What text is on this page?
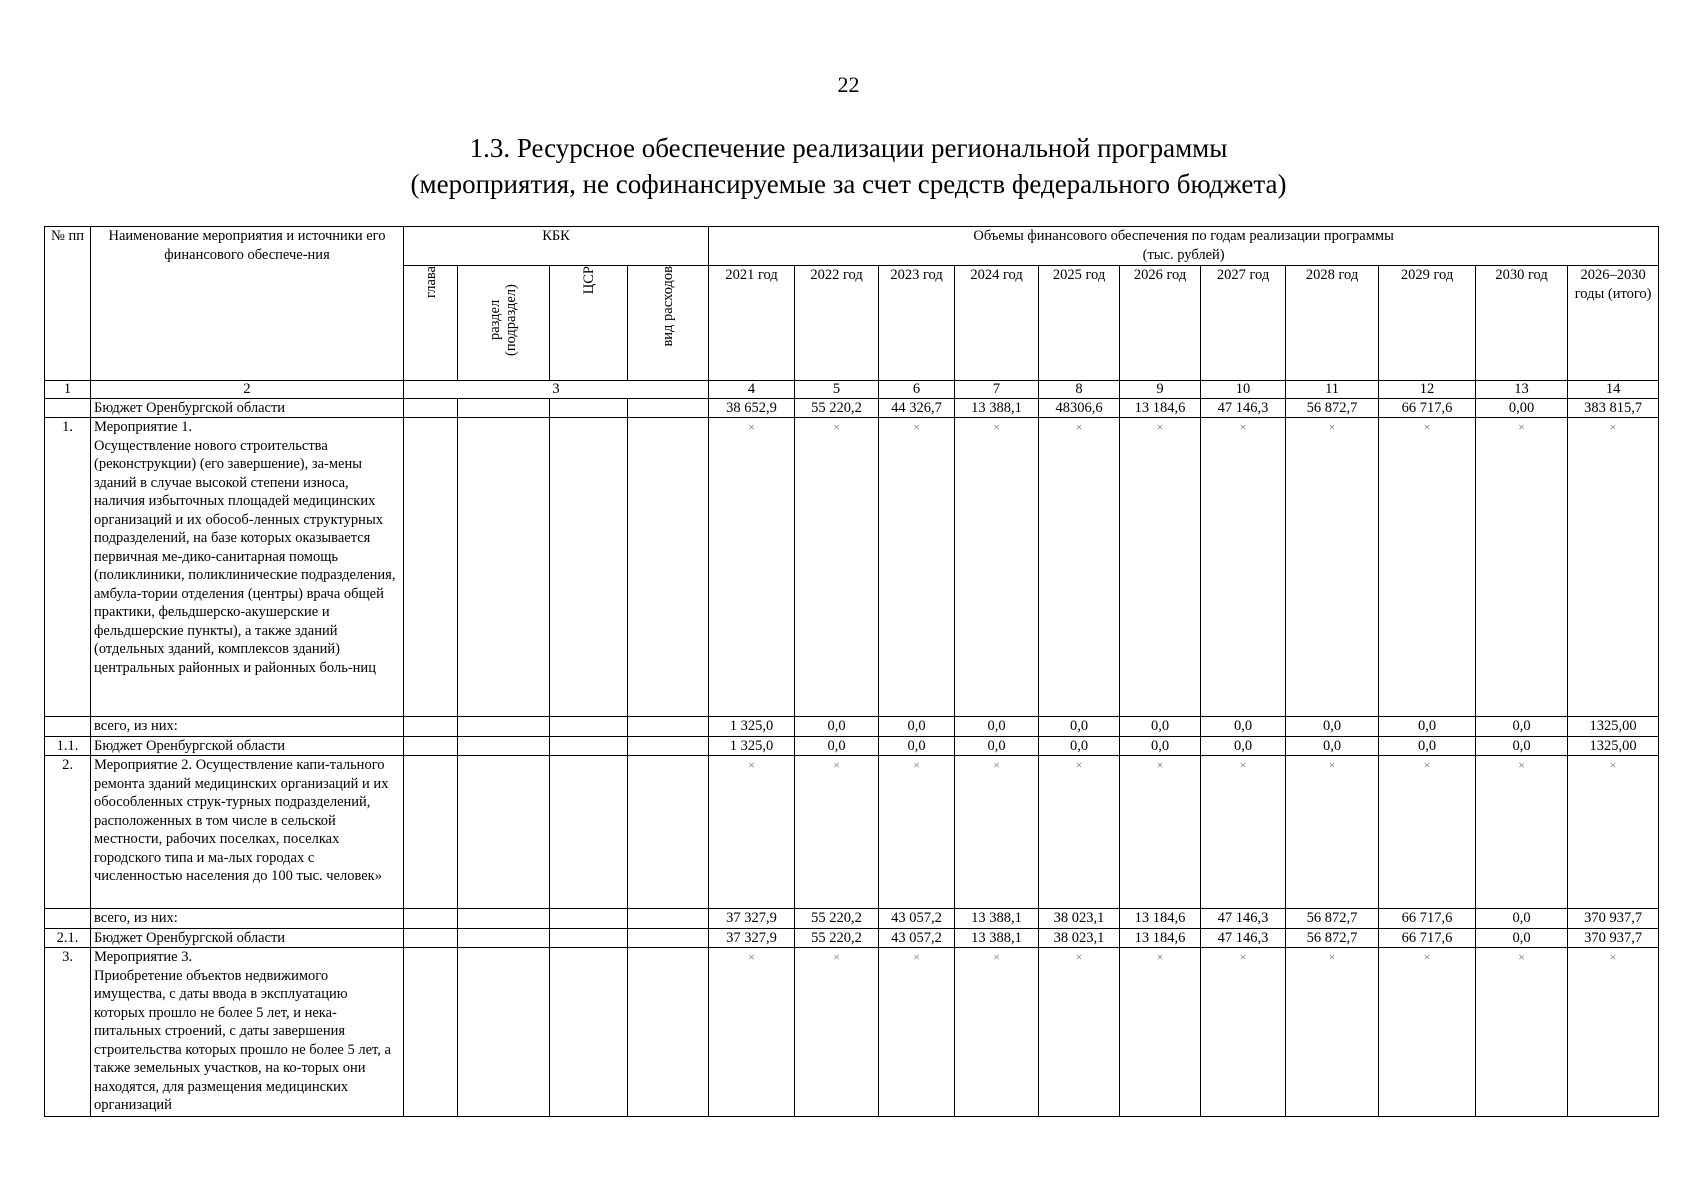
22
1.3. Ресурсное обеспечение реализации региональной программы
(мероприятия, не софинансируемые за счет средств федерального бюджета)
№ пп	Наименование мероприятия и источники его финансового обеспече-ния	КБК				Объемы финансового обеспечения по годам реализации программы
(тыс. рублей)										

		глава	раздел (подраздел)	ЦСР	вид расходов	2021 год	2022 год	2023 год	2024 год	2025 год	2026 год	2027 год	2028 год	2029 год	2030 год	2026–2030 годы (итого)
1	2	3				4	5	6	7	8	9	10	11	12	13	14
	Бюджет Оренбургской области					38 652,9	55 220,2	44 326,7	13 388,1	48306,6	13 184,6	47 146,3	56 872,7	66 717,6	0,00	383 815,7
1.	Мероприятие 1.
Осуществление нового строительства (реконструкции) (его завершение), за-мены зданий в случае высокой степени износа, наличия избыточных площадей медицинских организаций и их обособ-ленных структурных подразделений, на базе которых оказывается первичная ме-дико-санитарная помощь (поликлиники, поликлинические подразделения, амбула-тории отделения (центры) врача общей практики, фельдшерско-акушерские и фельдшерские пункты), а также зданий (отдельных зданий, комплексов зданий) центральных районных и районных боль-ниц					×	×	×	×	×	×	×	×	×	×	×
	всего, из них:					1 325,0	0,0	0,0	0,0	0,0	0,0	0,0	0,0	0,0	0,0	1325,00
1.1.	Бюджет Оренбургской области					1 325,0	0,0	0,0	0,0	0,0	0,0	0,0	0,0	0,0	0,0	1325,00
2.	Мероприятие 2. Осуществление капи-тального ремонта зданий медицинских организаций и их обособленных струк-турных подразделений, расположенных в том числе в сельской местности, рабочих поселках, поселках городского типа и ма-лых городах с численностью населения до 100 тыс. человек»					×	×	×	×	×	×	×	×	×	×	×
	всего, из них:					37 327,9	55 220,2	43 057,2	13 388,1	38 023,1	13 184,6	47 146,3	56 872,7	66 717,6	0,0	370 937,7
2.1.	Бюджет Оренбургской области					37 327,9	55 220,2	43 057,2	13 388,1	38 023,1	13 184,6	47 146,3	56 872,7	66 717,6	0,0	370 937,7
3.	Мероприятие 3.
Приобретение объектов недвижимого имущества, с даты ввода в эксплуатацию которых прошло не более 5 лет, и нека-питальных строений, с даты завершения строительства которых прошло не более 5 лет, а также земельных участков, на ко-торых они находятся, для размещения медицинских организаций					×	×	×	×	×	×	×	×	×	×	×
